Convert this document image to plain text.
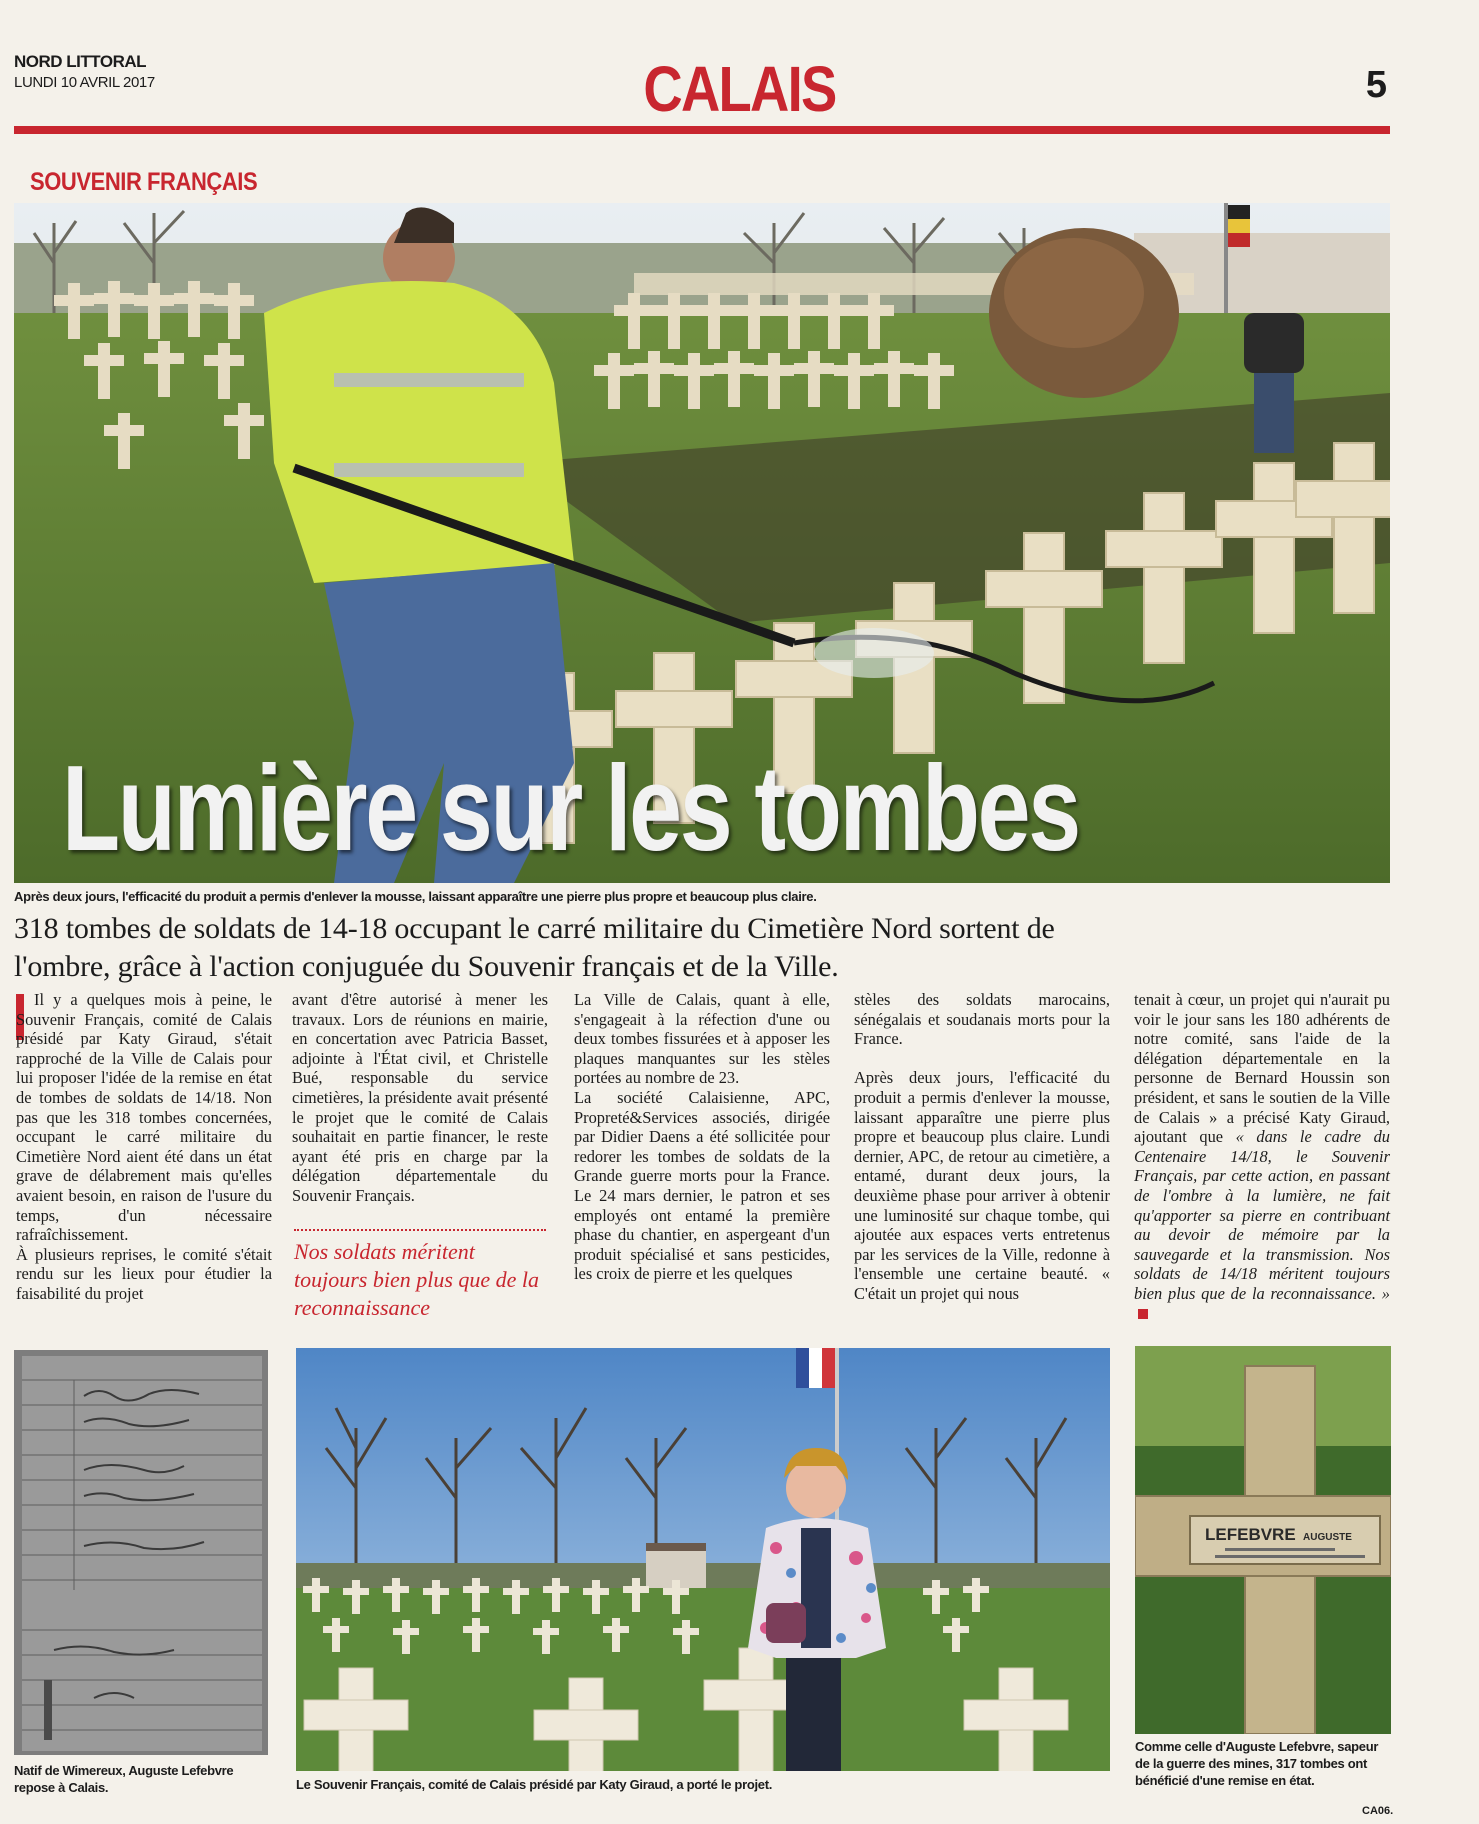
NORD LITTORAL
LUNDI 10 AVRIL 2017	CALAIS	5
SOUVENIR FRANÇAIS
Lumière sur les tombes
Après deux jours, l'efficacité du produit a permis d'enlever la mousse, laissant apparaître une pierre plus propre et beaucoup plus claire.
318 tombes de soldats de 14-18 occupant le carré militaire du Cimetière Nord sortent de
l'ombre, grâce à l'action conjuguée du Souvenir français et de la Ville.

Il y a quelques mois à peine, le Souvenir Français, comité de Calais présidé par Katy Giraud, s'était rapproché de la Ville de Calais pour lui proposer l'idée de la remise en état de tombes de soldats de 14/18. Non pas que les 318 tombes concernées, occupant le carré militaire du Cimetière Nord aient été dans un état grave de délabrement mais qu'elles avaient besoin, en raison de l'usure du temps, d'un nécessaire rafraîchissement.

À plusieurs reprises, le comité s'était rendu sur les lieux pour étudier la faisabilité du projet

avant d'être autorisé à mener les travaux. Lors de réunions en mairie, en concertation avec Patricia Basset, adjointe à l'État civil, et Christelle Bué, responsable du service cimetières, la présidente avait présenté le projet que le comité de Calais souhaitait en partie financer, le reste ayant été pris en charge par la délégation départementale du Souvenir Français.

Nos soldats méritent toujours bien plus que de la reconnaissance

La Ville de Calais, quant à elle, s'engageait à la réfection d'une ou deux tombes fissurées et à apposer les plaques manquantes sur les stèles portées au nombre de 23.

La société Calaisienne, APC, Propreté&Services associés, dirigée par Didier Daens a été sollicitée pour redorer les tombes de soldats de la Grande guerre morts pour la France. Le 24 mars dernier, le patron et ses employés ont entamé la première phase du chantier, en aspergeant d'un produit spécialisé et sans pesticides, les croix de pierre et les quelques

stèles des soldats marocains, sénégalais et soudanais morts pour la France.

Après deux jours, l'efficacité du produit a permis d'enlever la mousse, laissant apparaître une pierre plus propre et beaucoup plus claire. Lundi dernier, APC, de retour au cimetière, a entamé, durant deux jours, la deuxième phase pour arriver à obtenir une luminosité sur chaque tombe, qui ajoutée aux espaces verts entretenus par les services de la Ville, redonne à l'ensemble une certaine beauté. « C'était un projet qui nous

tenait à cœur, un projet qui n'aurait pu voir le jour sans les 180 adhérents de notre comité, sans l'aide de la délégation départementale en la personne de Bernard Houssin son président, et sans le soutien de la Ville de Calais » a précisé Katy Giraud, ajoutant que « dans le cadre du Centenaire 14/18, le Souvenir Français, par cette action, en passant de l'ombre à la lumière, ne fait qu'apporter sa pierre en contribuant au devoir de mémoire par la sauvegarde et la transmission. Nos soldats de 14/18 méritent toujours bien plus que de la reconnaissance. »

Natif de Wimereux, Auguste Lefebvre repose à Calais.	Le Souvenir Français, comité de Calais présidé par Katy Giraud, a porté le projet.
LEFEBVRE AUGUSTE
Comme celle d'Auguste Lefebvre, sapeur de la guerre des mines, 317 tombes ont bénéficié d'une remise en état.
CA06.
